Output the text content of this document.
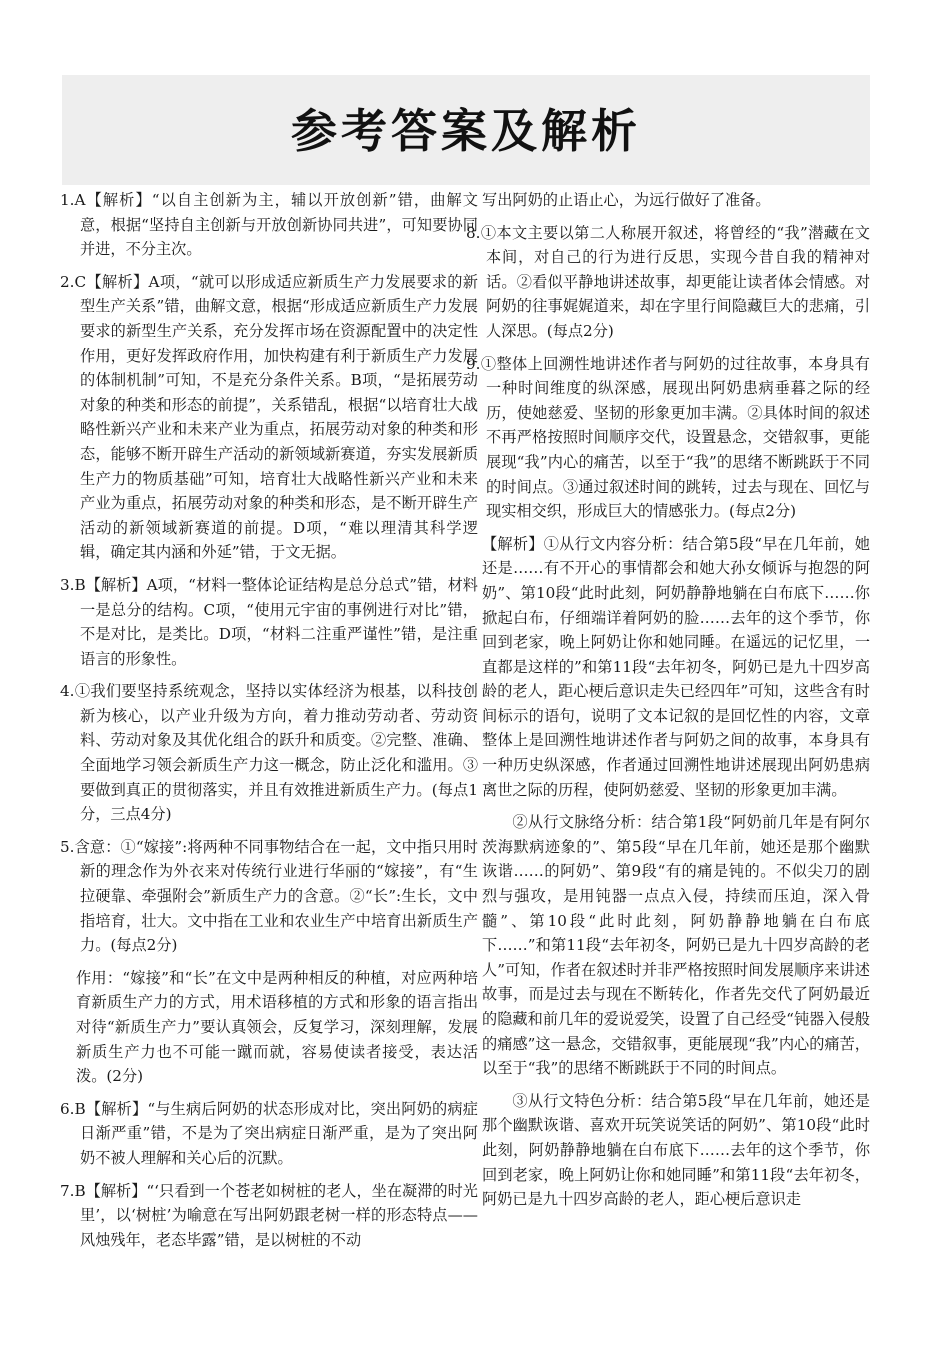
参考答案及解析

1.A【解析】“以自主创新为主，辅以开放创新”错，曲解文意，根据“坚持自主创新与开放创新协同共进”，可知要协同并进，不分主次。

2.C【解析】A项，“就可以形成适应新质生产力发展要求的新型生产关系”错，曲解文意，根据“形成适应新质生产力发展要求的新型生产关系，充分发挥市场在资源配置中的决定性作用，更好发挥政府作用，加快构建有利于新质生产力发展的体制机制”可知，不是充分条件关系。B项，“是拓展劳动对象的种类和形态的前提”，关系错乱，根据“以培育壮大战略性新兴产业和未来产业为重点，拓展劳动对象的种类和形态，能够不断开辟生产活动的新领域新赛道，夯实发展新质生产力的物质基础”可知，培育壮大战略性新兴产业和未来产业为重点，拓展劳动对象的种类和形态，是不断开辟生产活动的新领域新赛道的前提。D项，“难以理清其科学逻辑，确定其内涵和外延”错，于文无据。

3.B【解析】A项，“材料一整体论证结构是总分总式”错，材料一是总分的结构。C项，“使用元宇宙的事例进行对比”错，不是对比，是类比。D项，“材料二注重严谨性”错，是注重语言的形象性。

4.①我们要坚持系统观念，坚持以实体经济为根基，以科技创新为核心，以产业升级为方向，着力推动劳动者、劳动资料、劳动对象及其优化组合的跃升和质变。②完整、准确、全面地学习领会新质生产力这一概念，防止泛化和滥用。③要做到真正的贯彻落实，并且有效推进新质生产力。(每点1分，三点4分)

5.含意：①“嫁接”:将两种不同事物结合在一起，文中指只用时新的理念作为外衣来对传统行业进行华丽的“嫁接”，有“生拉硬靠、牵强附会”新质生产力的含意。②“长”:生长，文中指培育，壮大。文中指在工业和农业生产中培育出新质生产力。(每点2分)

作用：“嫁接”和“长”在文中是两种相反的种植，对应两种培育新质生产力的方式，用术语移植的方式和形象的语言指出对待“新质生产力”要认真领会，反复学习，深刻理解，发展新质生产力也不可能一蹴而就，容易使读者接受，表达活泼。(2分)

6.B【解析】“与生病后阿奶的状态形成对比，突出阿奶的病症日渐严重”错，不是为了突出病症日渐严重，是为了突出阿奶不被人理解和关心后的沉默。

7.B【解析】“‘只看到一个苍老如树桩的老人，坐在凝滞的时光里’，以‘树桩’为喻意在写出阿奶跟老树一样的形态特点——风烛残年，老态毕露”错，是以树桩的不动

写出阿奶的止语止心，为远行做好了准备。

8.①本文主要以第二人称展开叙述，将曾经的“我”潜藏在文本间，对自己的行为进行反思，实现今昔自我的精神对话。②看似平静地讲述故事，却更能让读者体会情感。对阿奶的往事娓娓道来，却在字里行间隐藏巨大的悲痛，引人深思。(每点2分)

9.①整体上回溯性地讲述作者与阿奶的过往故事，本身具有一种时间维度的纵深感，展现出阿奶患病垂暮之际的经历，使她慈爱、坚韧的形象更加丰满。②具体时间的叙述不再严格按照时间顺序交代，设置悬念，交错叙事，更能展现“我”内心的痛苦，以至于“我”的思绪不断跳跃于不同的时间点。③通过叙述时间的跳转，过去与现在、回忆与现实相交织，形成巨大的情感张力。(每点2分)

【解析】①从行文内容分析：结合第5段“早在几年前，她还是……有不开心的事情都会和她大孙女倾诉与抱怨的阿奶”、第10段“此时此刻，阿奶静静地躺在白布底下……你掀起白布，仔细端详着阿奶的脸……去年的这个季节，你回到老家，晚上阿奶让你和她同睡。在遥远的记忆里，一直都是这样的”和第11段“去年初冬，阿奶已是九十四岁高龄的老人，距心梗后意识走失已经四年”可知，这些含有时间标示的语句，说明了文本记叙的是回忆性的内容，文章整体上是回溯性地讲述作者与阿奶之间的故事，本身具有一种历史纵深感，作者通过回溯性地讲述展现出阿奶患病离世之际的历程，使阿奶慈爱、坚韧的形象更加丰满。

②从行文脉络分析：结合第1段“阿奶前几年是有阿尔茨海默病迹象的”、第5段“早在几年前，她还是那个幽默诙谐……的阿奶”、第9段“有的痛是钝的。不似尖刀的剧烈与强攻，是用钝器一点点入侵，持续而压迫，深入骨髓”、第10段“此时此刻，阿奶静静地躺在白布底下……”和第11段“去年初冬，阿奶已是九十四岁高龄的老人”可知，作者在叙述时并非严格按照时间发展顺序来讲述故事，而是过去与现在不断转化，作者先交代了阿奶最近的隐藏和前几年的爱说爱笑，设置了自己经受“钝器入侵般的痛感”这一悬念，交错叙事，更能展现“我”内心的痛苦，以至于“我”的思绪不断跳跃于不同的时间点。

③从行文特色分析：结合第5段“早在几年前，她还是那个幽默诙谐、喜欢开玩笑说笑话的阿奶”、第10段“此时此刻，阿奶静静地躺在白布底下……去年的这个季节，你回到老家，晚上阿奶让你和她同睡”和第11段“去年初冬，阿奶已是九十四岁高龄的老人，距心梗后意识走
